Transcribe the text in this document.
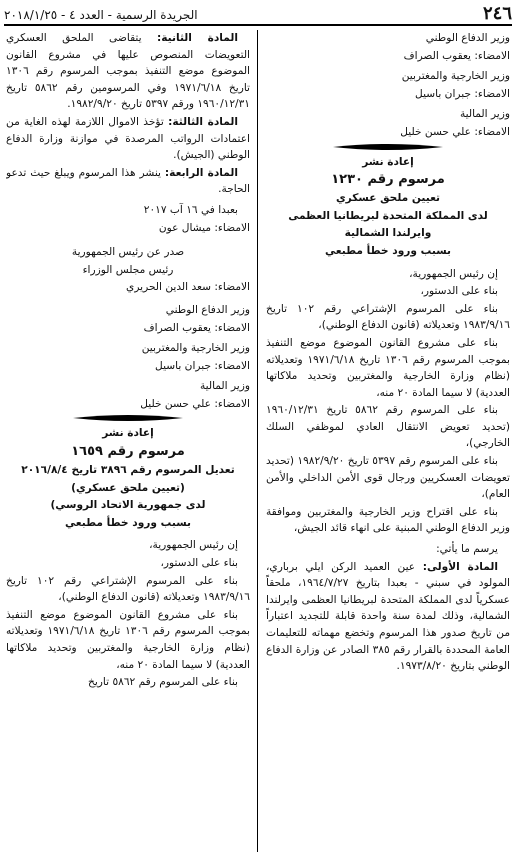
٢٤٦
الجريدة الرسمية - العدد ٤ - ٢٠١٨/١/٢٥

وزير الدفاع الوطني

الامضاء: يعقوب الصراف

وزير الخارجية والمغتربين

الامضاء: جبران باسيل

وزير المالية

الامضاء: علي حسن خليل

إعادة نشر

مرسوم رقم ١٢٣٠

تعيين ملحق عسكري

لدى المملكة المتحدة لبريطانيا العظمى

وايرلندا الشمالية

بسبب ورود خطأ مطبعي

إن رئيس الجمهورية،

بناء على الدستور،

بناء على المرسوم الإشتراعي رقم ١٠٢ تاريخ ١٩٨٣/٩/١٦ وتعديلاته (قانون الدفاع الوطني)،

بناء على مشروع القانون الموضوع موضع التنفيذ بموجب المرسوم رقم ١٣٠٦ تاريخ ١٩٧١/٦/١٨ وتعديلاته (نظام وزارة الخارجية والمغتربين وتحديد ملاكاتها العددية) لا سيما المادة ٢٠ منه،

بناء على المرسوم رقم ٥٨٦٢ تاريخ ١٩٦٠/١٢/٣١ (تحديد تعويض الانتقال العادي لموظفي السلك الخارجي)،

بناء على المرسوم رقم ٥٣٩٧ تاريخ ١٩٨٢/٩/٢٠ (تحديد تعويضات العسكريين ورجال قوى الأمن الداخلي والأمن العام)،

بناء على اقتراح وزير الخارجية والمغتربين وموافقة وزير الدفاع الوطني المبنية على انهاء قائد الجيش،

يرسم ما يأتي:

المادة الأولى: عين العميد الركن ايلي برباري، المولود في سبني - بعبدا بتاريخ ١٩٦٤/٧/٢٧، ملحقاً عسكرياً لدى المملكة المتحدة لبريطانيا العظمى وايرلندا الشمالية، وذلك لمدة سنة واحدة قابلة للتجديد اعتباراً من تاريخ صدور هذا المرسوم وتخضع مهماته للتعليمات العامة المحددة بالقرار رقم ٣٨٥ الصادر عن وزارة الدفاع الوطني بتاريخ ١٩٧٣/٨/٢٠.

المادة الثانية: يتقاضى الملحق العسكري التعويضات المنصوص عليها في مشروع القانون الموضوع موضع التنفيذ بموجب المرسوم رقم ١٣٠٦ تاريخ ١٩٧١/٦/١٨ وفي المرسومين رقم ٥٨٦٢ تاريخ ١٩٦٠/١٢/٣١ ورقم ٥٣٩٧ تاريخ ١٩٨٢/٩/٢٠.

المادة الثالثة: تؤخذ الاموال اللازمة لهذه الغاية من اعتمادات الرواتب المرصدة في موازنة وزارة الدفاع الوطني (الجيش).

المادة الرابعة: ينشر هذا المرسوم ويبلغ حيث تدعو الحاجة.

بعبدا في ١٦ آب ٢٠١٧

الامضاء: ميشال عون

صدر عن رئيس الجمهورية

رئيس مجلس الوزراء

الامضاء: سعد الدين الحريري

وزير الدفاع الوطني

الامضاء: يعقوب الصراف

وزير الخارجية والمغتربين

الامضاء: جبران باسيل

وزير المالية

الامضاء: علي حسن خليل

إعادة نشر

مرسوم رقم ١٦٥٩

تعديل المرسوم رقم ٣٨٩٦ تاريخ ٢٠١٦/٨/٤

(تعيين ملحق عسكري)

لدى جمهورية الاتحاد الروسي)

بسبب ورود خطأ مطبعي

إن رئيس الجمهورية،

بناء على الدستور،

بناء على المرسوم الإشتراعي رقم ١٠٢ تاريخ ١٩٨٣/٩/١٦ وتعديلاته (قانون الدفاع الوطني)،

بناء على مشروع القانون الموضوع موضع التنفيذ بموجب المرسوم رقم ١٣٠٦ تاريخ ١٩٧١/٦/١٨ وتعديلاته (نظام وزارة الخارجية والمغتربين وتحديد ملاكاتها العددية) لا سيما المادة ٢٠ منه،

بناء على المرسوم رقم ٥٨٦٢ تاريخ
